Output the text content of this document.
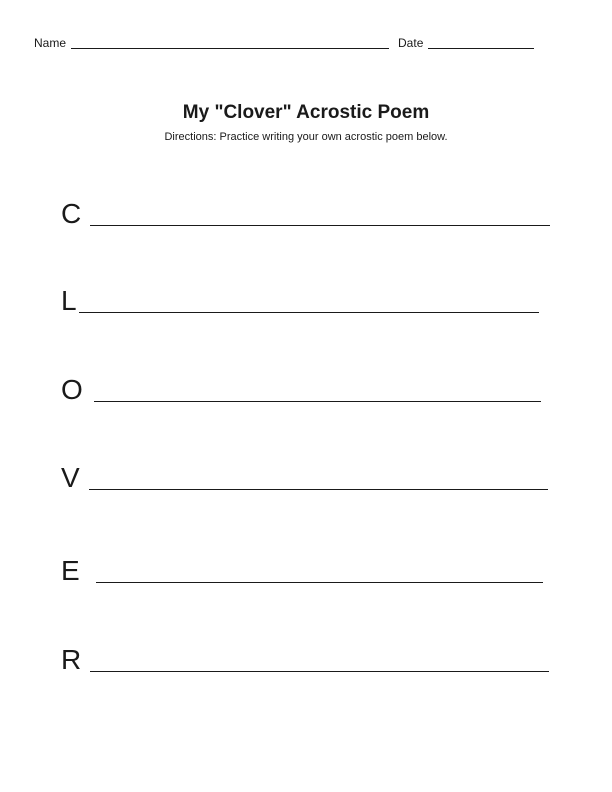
Name	Date
My "Clover" Acrostic Poem
Directions: Practice writing your own acrostic poem below.
C
L
O
V
E
R
